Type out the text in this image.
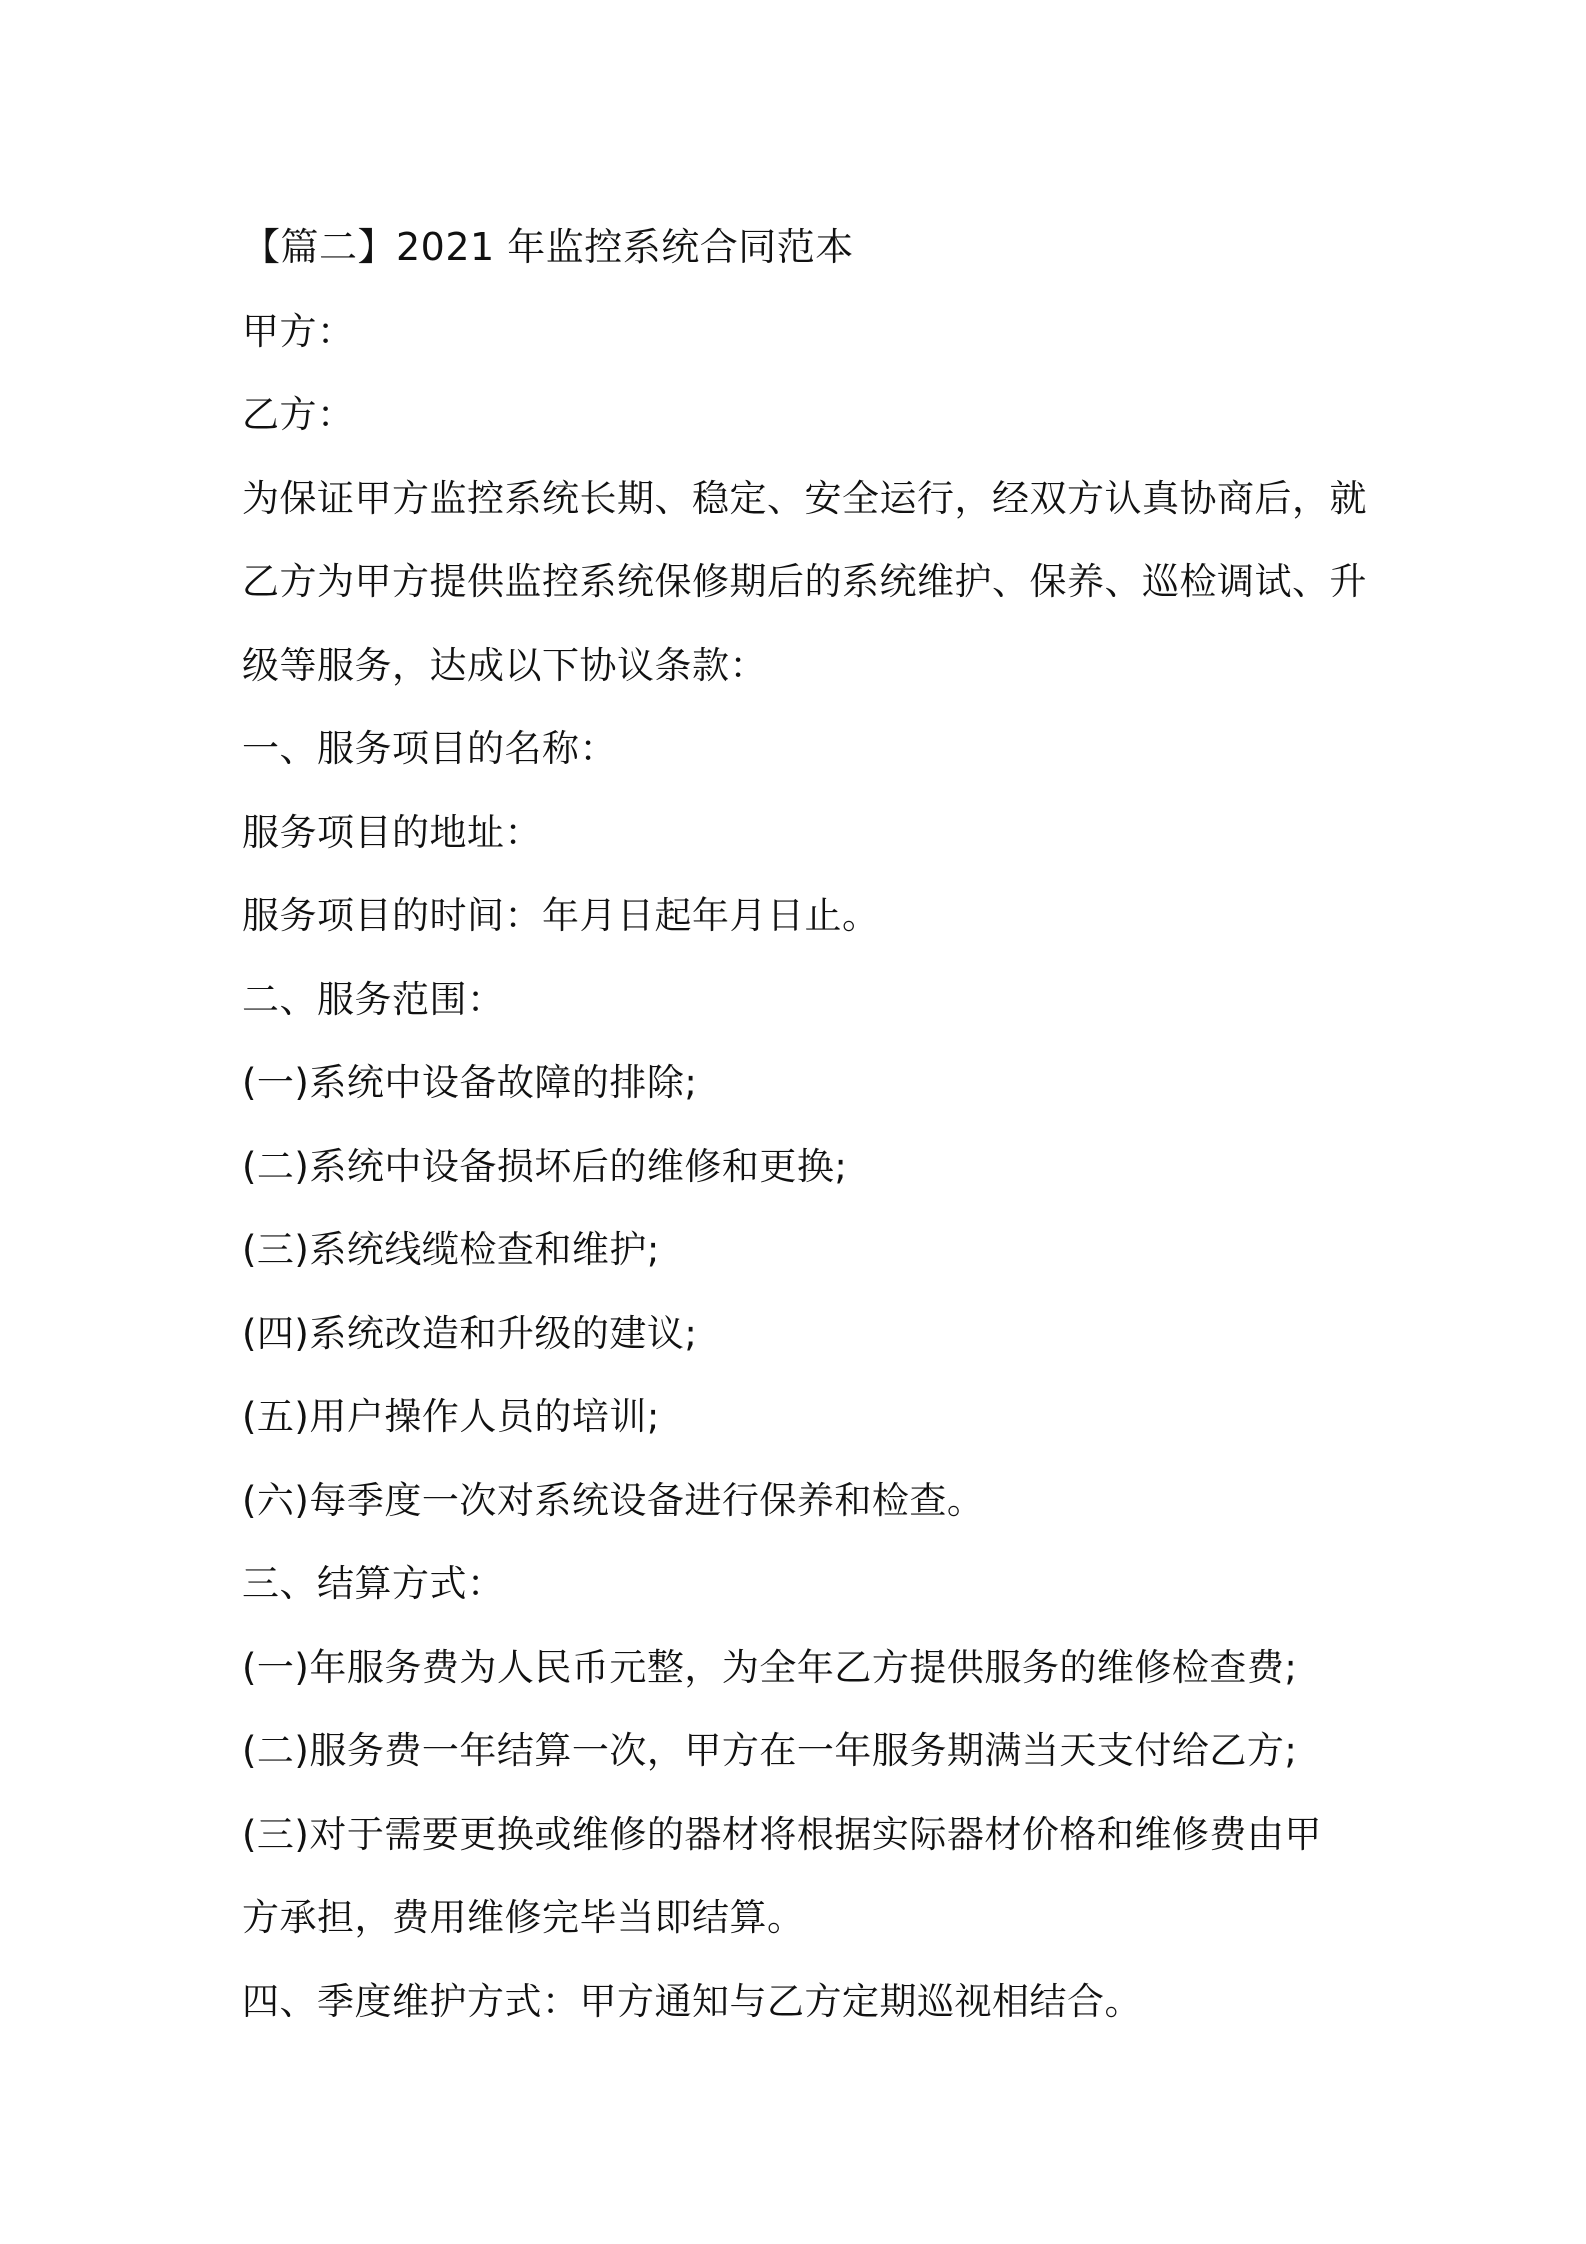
【篇二】2021 年监控系统合同范本
甲方：
乙方：
为保证甲方监控系统长期、稳定、安全运行，经双方认真协商后，就
乙方为甲方提供监控系统保修期后的系统维护、保养、巡检调试、升
级等服务，达成以下协议条款：
一、服务项目的名称：
服务项目的地址：
服务项目的时间：年月日起年月日止。
二、服务范围：
(一)系统中设备故障的排除;
(二)系统中设备损坏后的维修和更换;
(三)系统线缆检查和维护;
(四)系统改造和升级的建议;
(五)用户操作人员的培训;
(六)每季度一次对系统设备进行保养和检查。
三、结算方式：
(一)年服务费为人民币元整，为全年乙方提供服务的维修检查费;
(二)服务费一年结算一次，甲方在一年服务期满当天支付给乙方;
(三)对于需要更换或维修的器材将根据实际器材价格和维修费由甲
方承担，费用维修完毕当即结算。
四、季度维护方式：甲方通知与乙方定期巡视相结合。
